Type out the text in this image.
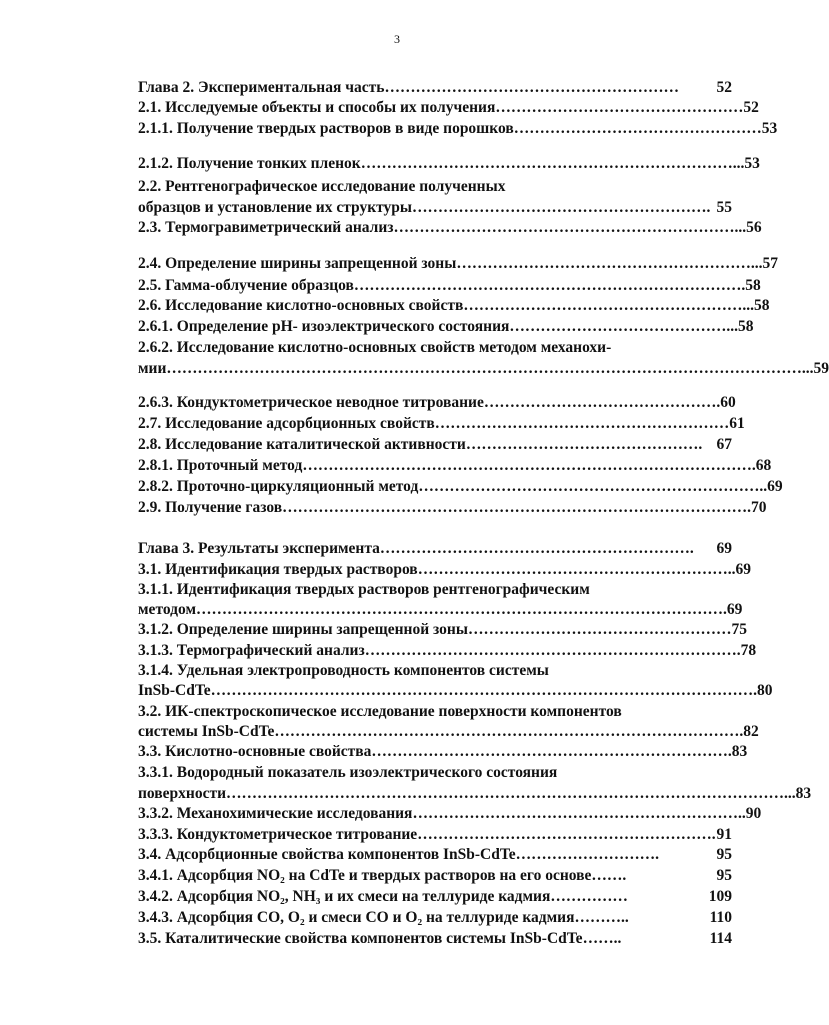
3
Глава 2. Экспериментальная часть …………………………………………………	52
2.1. Исследуемые объекты и способы их получения ………………………………………… 52
2.1.1. Получение твердых растворов в виде порошков ………………………………………… 53
2.1.2. Получение тонких пленок ………………………………………………………………... 53
2.2. Рентгенографическое исследование полученных
образцов и установление их структуры …………………………………………………. 55
2.3. Термогравиметрический анализ …………………………………………………………... 56
2.4. Определение ширины запрещенной зоны …………………………………………………... 57
2.5. Гамма-облучение образцов …………………………………………………………………. 58
2.6. Исследование кислотно-основных свойств ………………………………………………... 58
2.6.1. Определение pH- изоэлектрического состояния ……………………………………... 58
2.6.2. Исследование кислотно-основных свойств методом механохи-
мии ……………………………………………………………………………………………………………... 59
2.6.3. Кондуктометрическое неводное титрование ………………………………………. 60
2.7. Исследование адсорбционных свойств ………………………………………………… 61
2.8. Исследование каталитической активности ………………………………………. 67
2.8.1. Проточный метод ……………………………………………………………………………. 68
2.8.2. Проточно-циркуляционный метод ………………………………………………………….. 69
2.9. Получение газов ………………………………………………………………………………. 70
Глава 3. Результаты эксперимента …………………………………………………….	69
3.1. Идентификация твердых растворов …………………………………………………….. 69
3.1.1. Идентификация твердых растворов рентгенографическим
методом …………………………………………………………………………………………. 69
3.1.2. Определение ширины запрещенной зоны …………………………………………… 75
3.1.3. Термографический анализ ………………………………………………………………. 78
3.1.4. Удельная электропроводность компонентов системы
InSb-CdTe ……………………………………………………………………………………………. 80
3.2. ИК-спектроскопическое исследование поверхности компонентов
системы InSb-CdTe ………………………………………………………………………………. 82
3.3. Кислотно-основные свойства ……………………………………………………………. 83
3.3.1. Водородный показатель изоэлектрического состояния
поверхности ………………………………………………………………………………………………... 83
3.3.2. Механохимические исследования ……………………………………………………….. 90
3.3.3. Кондуктометрическое титрование …………………………………………………. 91
3.4. Адсорбционные свойства компонентов InSb-CdTe ……………………….	95
3.4.1. Адсорбция NO₂ на CdTe и твердых растворов на его основе …….	95
3.4.2. Адсорбция NO₂, NH₃ и их смеси на теллуриде кадмия ……………	109
3.4.3. Адсорбция CO, O₂ и смеси CO и O₂ на теллуриде кадмия ………..	110
3.5. Каталитические свойства компонентов системы InSb-CdTe ……..	114
